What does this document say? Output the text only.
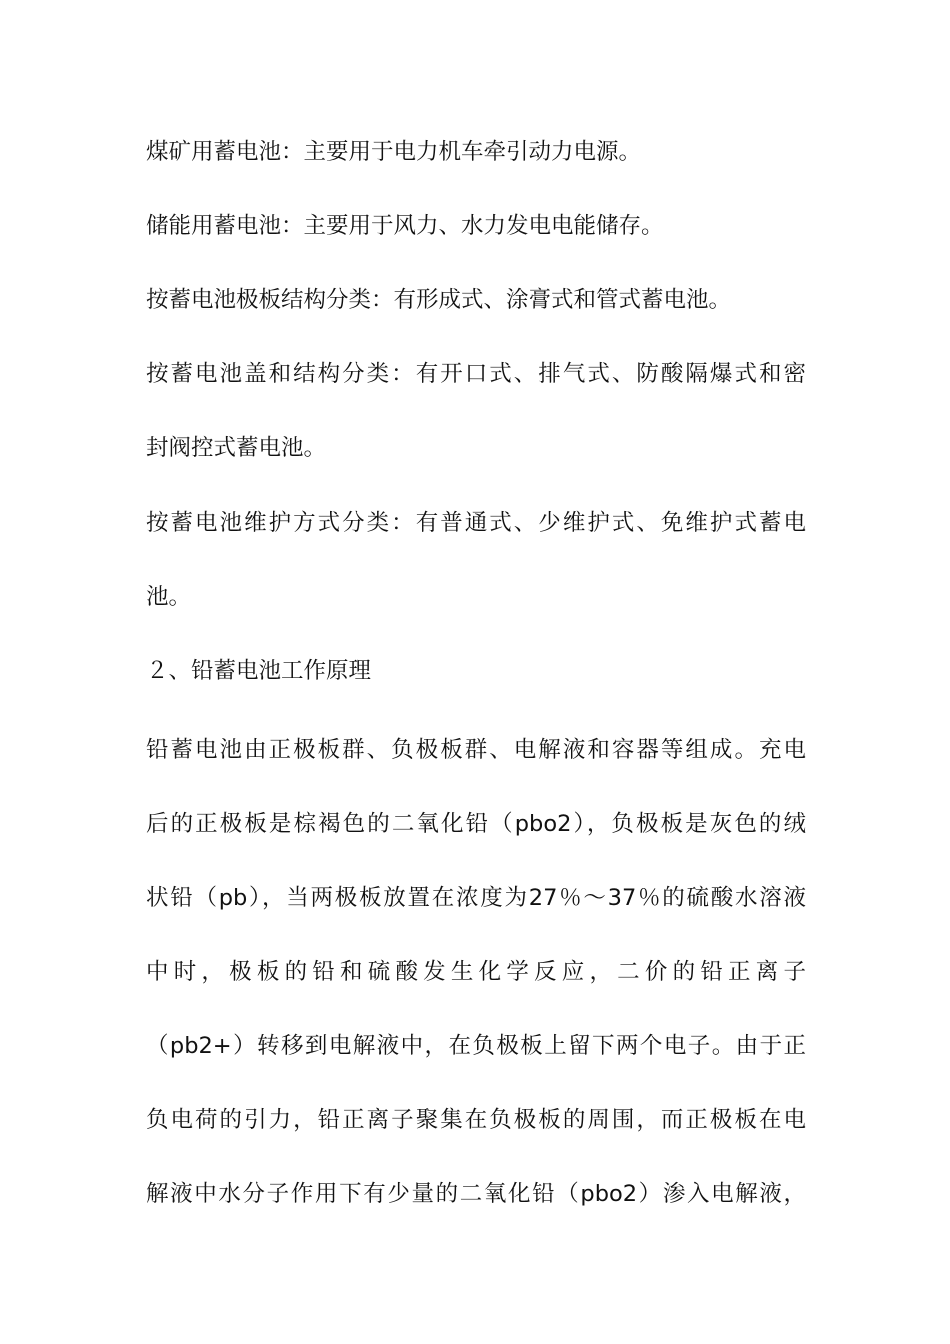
煤矿用蓄电池：主要用于电力机车牵引动力电源。
储能用蓄电池：主要用于风力、水力发电电能储存。
按蓄电池极板结构分类：有形成式、涂膏式和管式蓄电池。
按蓄电池盖和结构分类：有开口式、排气式、防酸隔爆式和密
封阀控式蓄电池。
按蓄电池维护方式分类：有普通式、少维护式、免维护式蓄电
池。
２、铅蓄电池工作原理
铅蓄电池由正极板群、负极板群、电解液和容器等组成。充电
后的正极板是棕褐色的二氧化铅（pbo2），负极板是灰色的绒
状铅（pb），当两极板放置在浓度为27％～37％的硫酸水溶液
中时，极板的铅和硫酸发生化学反应，二价的铅正离子
（pb2+）转移到电解液中，在负极板上留下两个电子。由于正
负电荷的引力，铅正离子聚集在负极板的周围，而正极板在电
解液中水分子作用下有少量的二氧化铅（pbo2）渗入电解液，
